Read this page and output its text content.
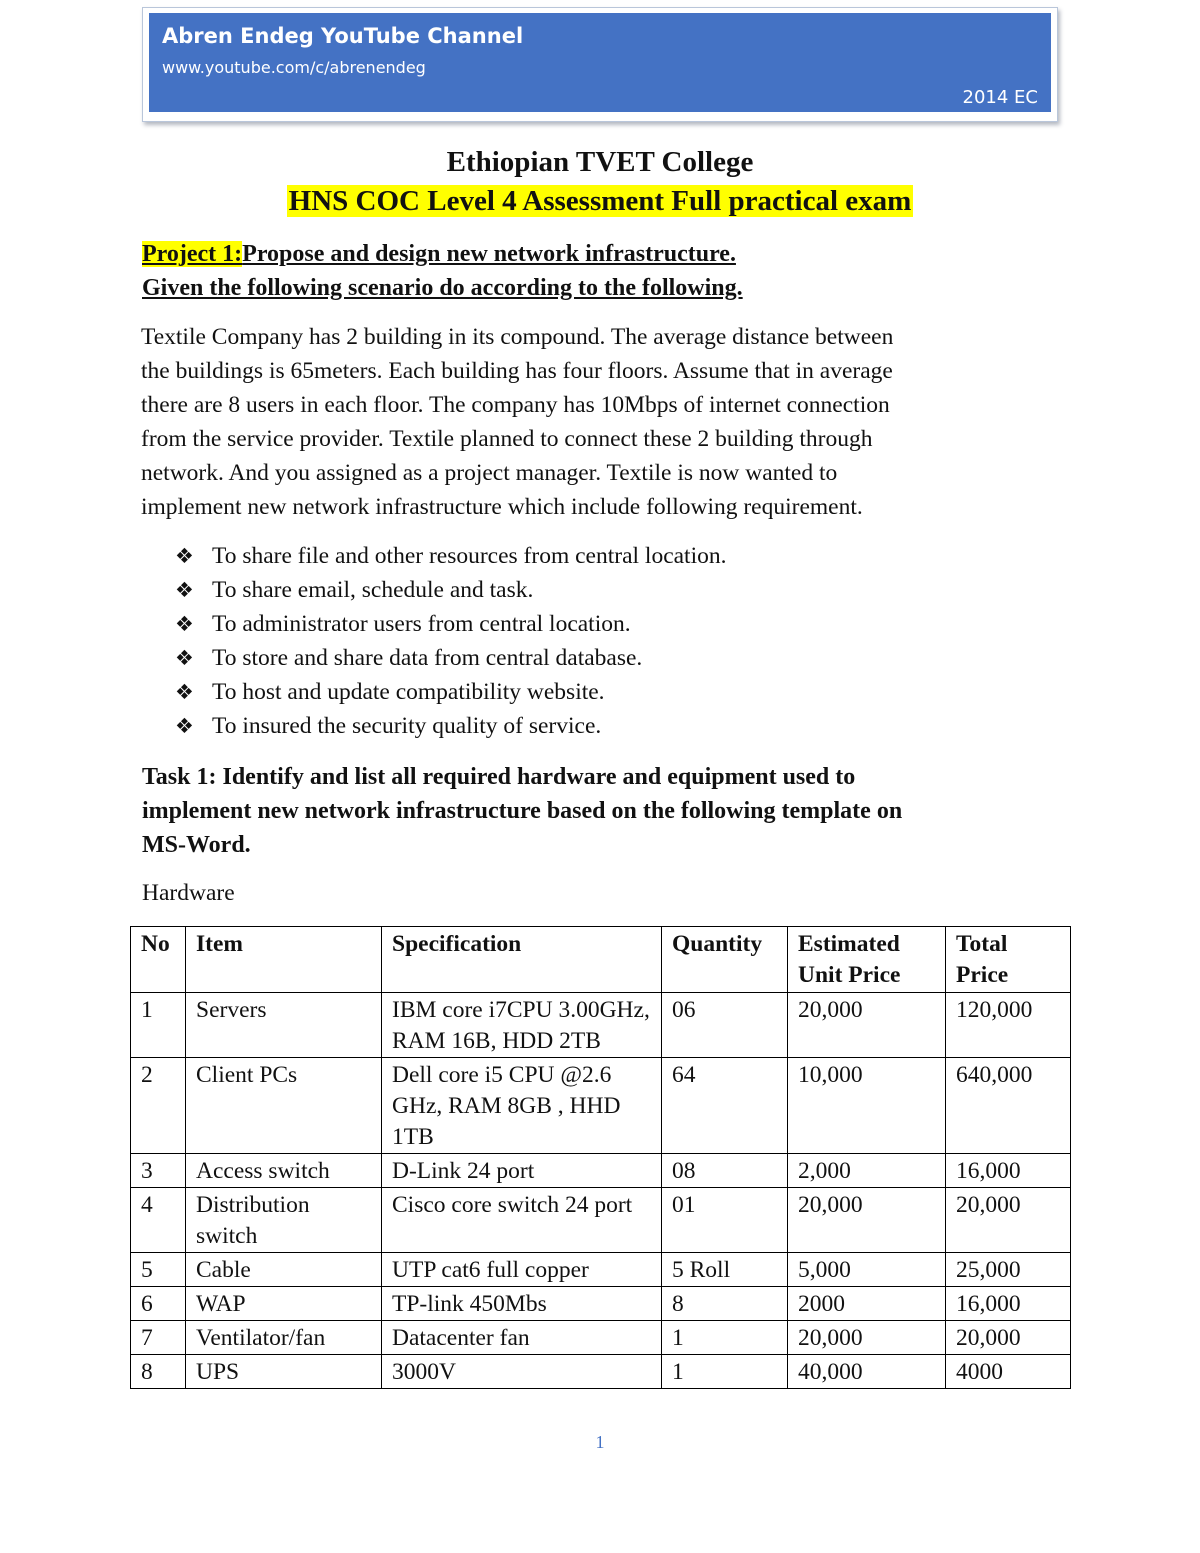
Abren Endeg YouTube Channel
www.youtube.com/c/abrenendeg
2014 EC
Ethiopian TVET College
HNS COC Level 4 Assessment Full practical exam
Project 1:Propose and design new network infrastructure.
Given the following scenario do according to the following.
Textile Company has 2 building in its compound. The average distance between
the buildings is 65meters. Each building has four floors. Assume that in average
there are 8 users in each floor. The company has 10Mbps of internet connection
from the service provider. Textile planned to connect these 2 building through
network. And you assigned as a project manager. Textile is now wanted to
implement new network infrastructure which include following requirement.
❖ To share file and other resources from central location.
❖ To share email, schedule and task.
❖ To administrator users from central location.
❖ To store and share data from central database.
❖ To host and update compatibility website.
❖ To insured the security quality of service.
Task 1: Identify and list all required hardware and equipment used to
implement new network infrastructure based on the following template on
MS-Word.
Hardware
No	Item	Specification	Quantity	Estimated Unit Price	Total Price
1	Servers	IBM core i7CPU 3.00GHz, RAM 16B, HDD 2TB	06	20,000	120,000
2	Client PCs	Dell core i5 CPU @2.6 GHz, RAM 8GB , HHD 1TB	64	10,000	640,000
3	Access switch	D-Link 24 port	08	2,000	16,000
4	Distribution switch	Cisco core switch 24 port	01	20,000	20,000
5	Cable	UTP cat6 full copper	5 Roll	5,000	25,000
6	WAP	TP-link 450Mbs	8	2000	16,000
7	Ventilator/fan	Datacenter fan	1	20,000	20,000
8	UPS	3000V	1	40,000	4000
1
